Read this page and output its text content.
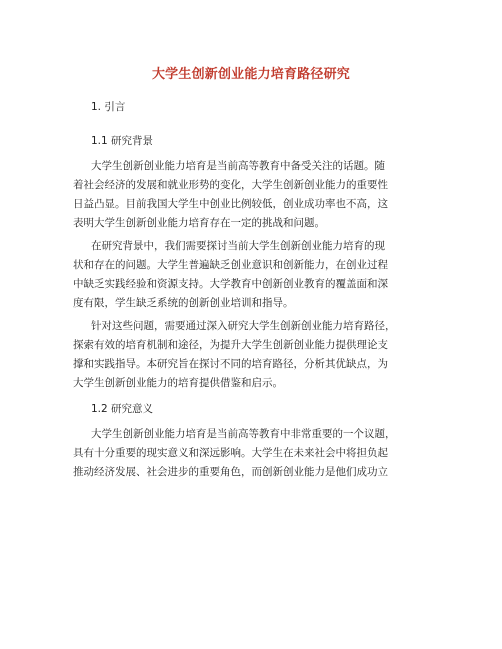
大学生创新创业能力培育路径研究
1. 引言
1.1 研究背景
大学生创新创业能力培育是当前高等教育中备受关注的话题。随
着社会经济的发展和就业形势的变化，大学生创新创业能力的重要性
日益凸显。目前我国大学生中创业比例较低，创业成功率也不高，这
表明大学生创新创业能力培育存在一定的挑战和问题。
在研究背景中，我们需要探讨当前大学生创新创业能力培育的现
状和存在的问题。大学生普遍缺乏创业意识和创新能力，在创业过程
中缺乏实践经验和资源支持。大学教育中创新创业教育的覆盖面和深
度有限，学生缺乏系统的创新创业培训和指导。
针对这些问题，需要通过深入研究大学生创新创业能力培育路径，
探索有效的培育机制和途径，为提升大学生创新创业能力提供理论支
撑和实践指导。本研究旨在探讨不同的培育路径，分析其优缺点，为
大学生创新创业能力的培育提供借鉴和启示。
1.2 研究意义
大学生创新创业能力培育是当前高等教育中非常重要的一个议题，
具有十分重要的现实意义和深远影响。大学生在未来社会中将担负起
推动经济发展、社会进步的重要角色，而创新创业能力是他们成功立
